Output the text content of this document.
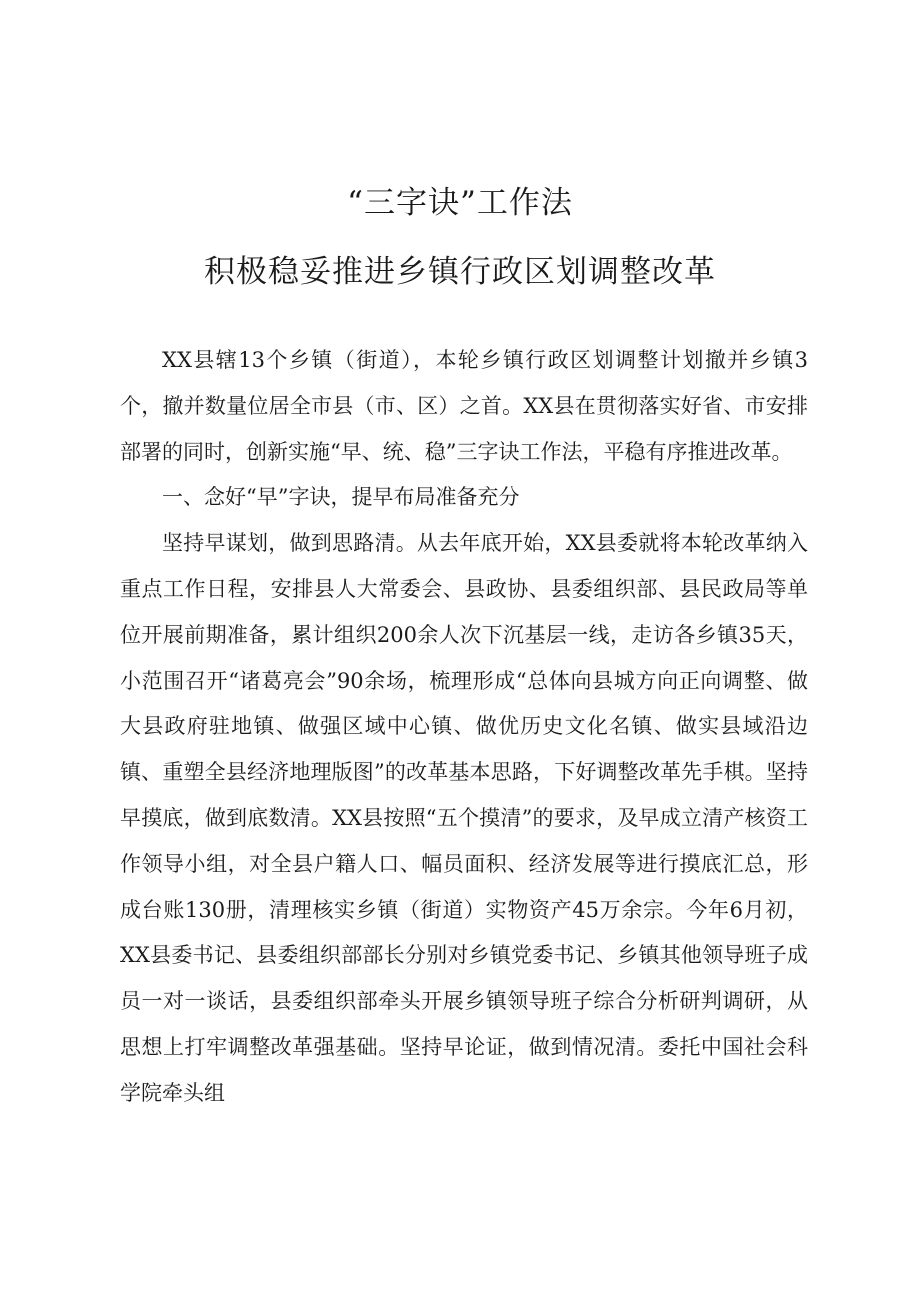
“三字诀”工作法
积极稳妥推进乡镇行政区划调整改革

XX县辖13个乡镇（街道），本轮乡镇行政区划调整计划撤并乡镇3个，撤并数量位居全市县（市、区）之首。XX县在贯彻落实好省、市安排部署的同时，创新实施“早、统、稳”三字诀工作法，平稳有序推进改革。

一、念好“早”字诀，提早布局准备充分

坚持早谋划，做到思路清。从去年底开始，XX县委就将本轮改革纳入重点工作日程，安排县人大常委会、县政协、县委组织部、县民政局等单位开展前期准备，累计组织200余人次下沉基层一线，走访各乡镇35天，小范围召开“诸葛亮会”90余场，梳理形成“总体向县城方向正向调整、做大县政府驻地镇、做强区域中心镇、做优历史文化名镇、做实县域沿边镇、重塑全县经济地理版图”的改革基本思路，下好调整改革先手棋。坚持早摸底，做到底数清。XX县按照“五个摸清”的要求，及早成立清产核资工作领导小组，对全县户籍人口、幅员面积、经济发展等进行摸底汇总，形成台账130册，清理核实乡镇（街道）实物资产45万余宗。今年6月初，XX县委书记、县委组织部部长分别对乡镇党委书记、乡镇其他领导班子成员一对一谈话，县委组织部牵头开展乡镇领导班子综合分析研判调研，从思想上打牢调整改革强基础。坚持早论证，做到情况清。委托中国社会科学院牵头组
